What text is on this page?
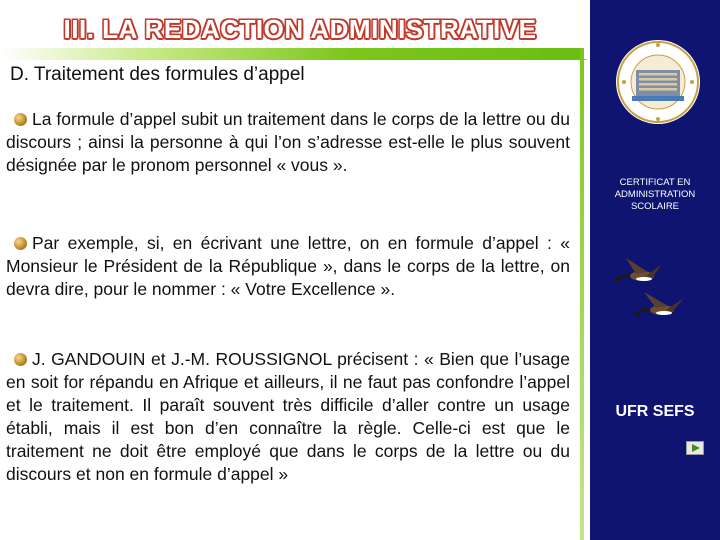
III. LA REDACTION ADMINISTRATIVE
D. Traitement des formules d’appel

La formule d’appel subit un traitement dans le corps de la lettre ou du discours ; ainsi la personne à qui l’on s’adresse est-elle le plus souvent désignée par le pronom personnel « vous ».

Par exemple, si, en écrivant une lettre, on en formule d’appel : « Monsieur le Président de la République », dans le corps de la lettre, on devra dire, pour le nommer : « Votre Excellence ».

J. GANDOUIN et J.-M. ROUSSIGNOL précisent : « Bien que l’usage en soit for répandu en Afrique et ailleurs, il ne faut pas confondre l’appel et le traitement. Il paraît souvent très difficile d’aller contre un usage établi, mais il est bon d’en connaître la règle. Celle-ci est que le traitement ne doit être employé que dans le corps de la lettre ou du discours et non en formule d’appel »

CERTIFICAT EN
ADMINISTRATION
SCOLAIRE
UFR SEFS
